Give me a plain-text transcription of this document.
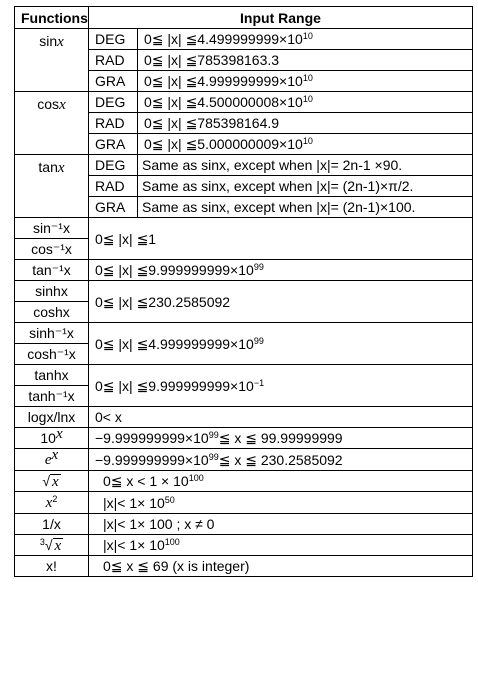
Functions	Input Range	
sinx	DEG	0≦ |x| $≦4.499999999\times 10^{10}$
	RAD	0≦ |x| ≦785398163.3
	GRA	0≦ |x| $≦4.999999999\times 10^{10}$
cosx	DEG	0≦ |x| $≦4.500000008\times 10^{10}$
	RAD	0≦ |x| ≦785398164.9
	GRA	0≦ |x| $≦5.000000009\times 10^{10}$
tanx	DEG	Same as sinx, except when |x|= 2n-1 ×90.
	RAD	Same as sinx, except when |x|= (2n-1)×π/2.
	GRA	Same as sinx, except when |x|= (2n-1)×100.
sin⁻¹x	0≦ |x| ≦1	
cos⁻¹x		
tan⁻¹x	0≦ |x| $≦9.999999999\times 10^{99}$
sinhx	0≦ |x| ≦230.2585092	
coshx		
sinh⁻¹x	0≦ |x| $≦4.999999999\times 10^{99}$
cosh⁻¹x		
tanhx	0≦ |x| $≦9.999999999\times 10^{-1}$
tanh⁻¹x		
logx/lnx	0< x	
$10^x$	$-9.999999999\times 10^{99}≦$ x ≦ 99.99999999	
$e^x$	$-9.999999999\times 10^{99}≦$ x ≦ 230.2585092	
√ x	0≦ $x < 1 \times 10^{100}$
$x^2$	$|x|< 1\times 10^{50}$
1/x	|x|< 1× 100 ; x ≠ 0	
$^3$√ x	$|x|< 1\times 10^{100}$
x!	0≦ x ≦ 69 (x is integer)	
